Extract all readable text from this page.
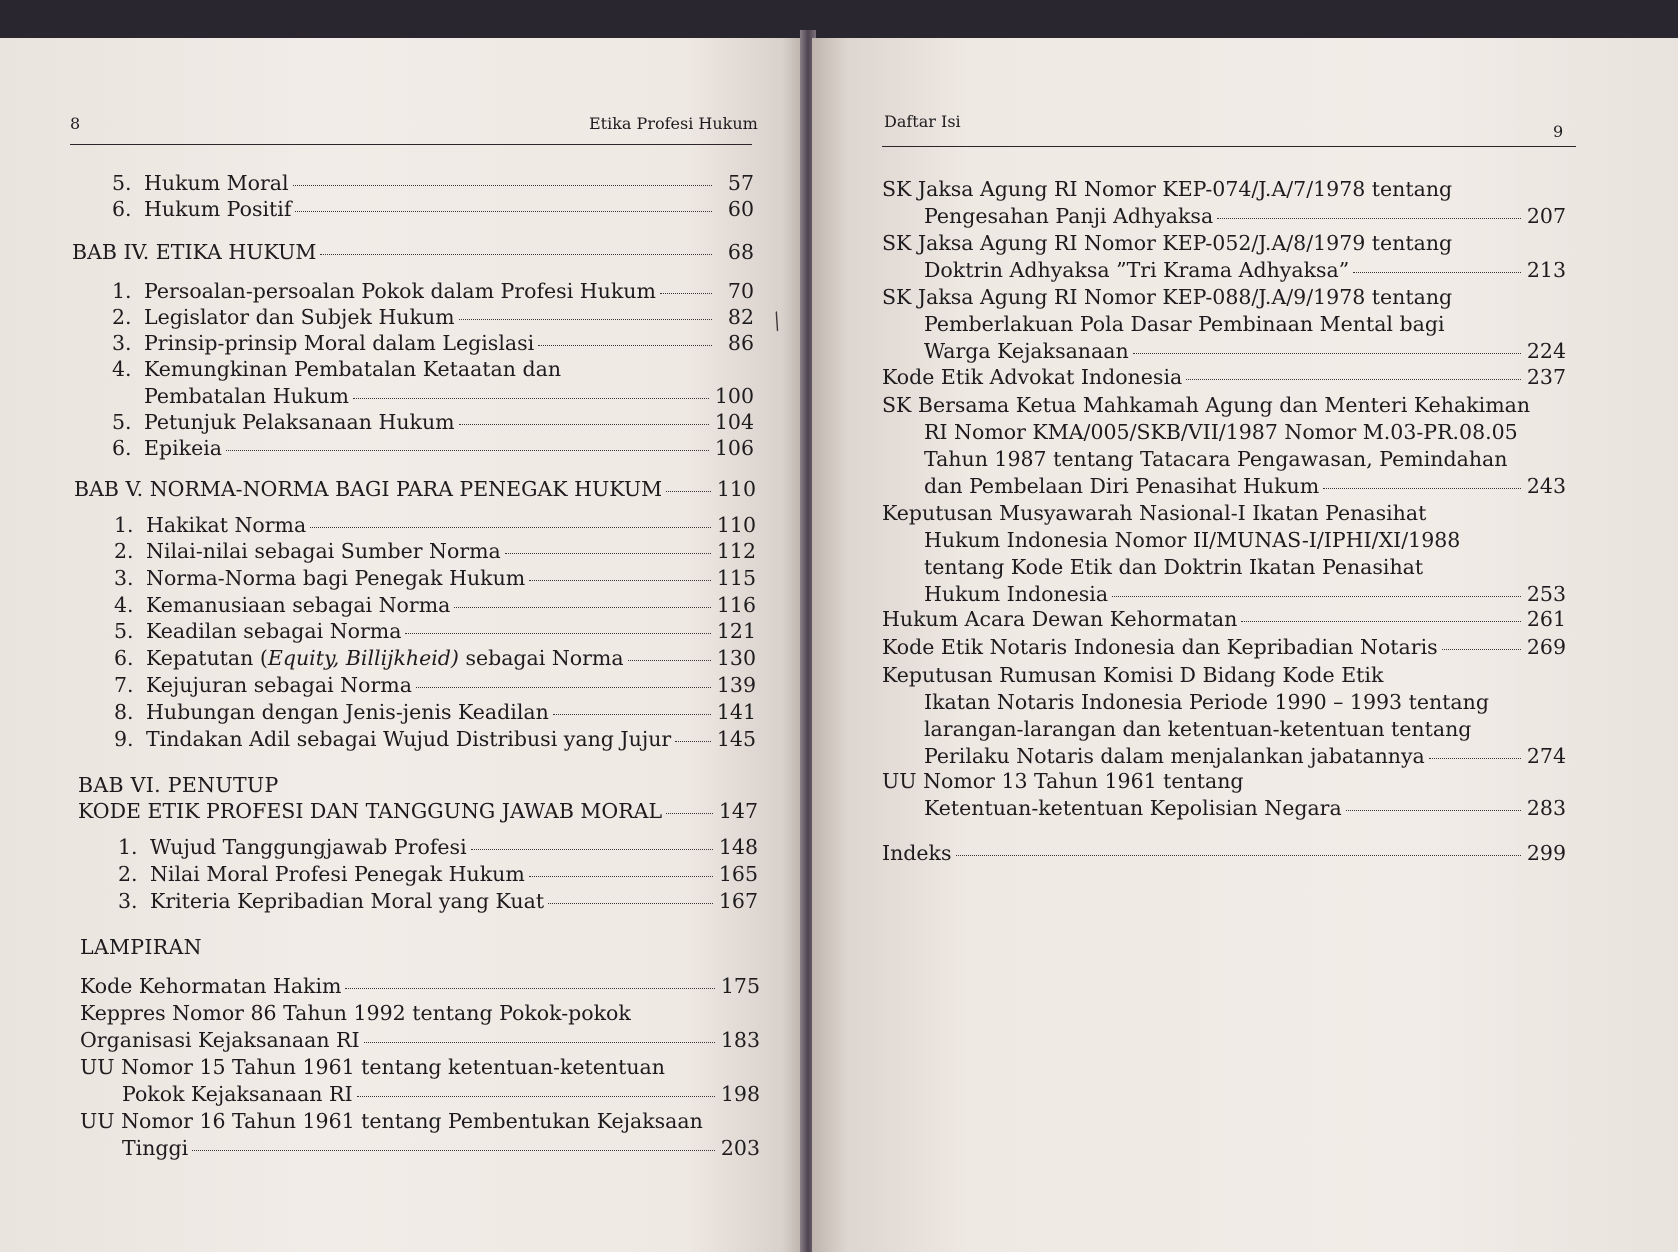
8	Etika Profesi Hukum
5. Hukum Moral	57
6. Hukum Positif	60
BAB IV. ETIKA HUKUM	68
1. Persoalan-persoalan Pokok dalam Profesi Hukum	70
2. Legislator dan Subjek Hukum	82
3. Prinsip-prinsip Moral dalam Legislasi	86
4. Kemungkinan Pembatalan Ketaatan dan
Pembatalan Hukum	100
5. Petunjuk Pelaksanaan Hukum	104
6. Epikeia	106
BAB V. NORMA-NORMA BAGI PARA PENEGAK HUKUM	110
1. Hakikat Norma	110
2. Nilai-nilai sebagai Sumber Norma	112
3. Norma-Norma bagi Penegak Hukum	115
4. Kemanusiaan sebagai Norma	116
5. Keadilan sebagai Norma	121
6. Kepatutan (Equity, Billijkheid) sebagai Norma	130
7. Kejujuran sebagai Norma	139
8. Hubungan dengan Jenis-jenis Keadilan	141
9. Tindakan Adil sebagai Wujud Distribusi yang Jujur 145
BAB VI. PENUTUP
KODE ETIK PROFESI DAN TANGGUNG JAWAB MORAL	147
1. Wujud Tanggungjawab Profesi	148
2. Nilai Moral Profesi Penegak Hukum	165
3. Kriteria Kepribadian Moral yang Kuat	167
LAMPIRAN
Kode Kehormatan Hakim	175
Keppres Nomor 86 Tahun 1992 tentang Pokok-pokok
Organisasi Kejaksanaan RI	183
UU Nomor 15 Tahun 1961 tentang ketentuan-ketentuan
Pokok Kejaksanaan RI	198
UU Nomor 16 Tahun 1961 tentang Pembentukan Kejaksaan
Tinggi	203
⁄
Daftar Isi
9
SK Jaksa Agung RI Nomor KEP-074/J.A/7/1978 tentang
Pengesahan Panji Adhyaksa	207
SK Jaksa Agung RI Nomor KEP-052/J.A/8/1979 tentang
Doktrin Adhyaksa ”Tri Krama Adhyaksa”	213
SK Jaksa Agung RI Nomor KEP-088/J.A/9/1978 tentang
Pemberlakuan Pola Dasar Pembinaan Mental bagi
Warga Kejaksanaan	224
Kode Etik Advokat Indonesia	237
SK Bersama Ketua Mahkamah Agung dan Menteri Kehakiman
RI Nomor KMA/005/SKB/VII/1987 Nomor M.03-PR.08.05
Tahun 1987 tentang Tatacara Pengawasan, Pemindahan
dan Pembelaan Diri Penasihat Hukum	243
Keputusan Musyawarah Nasional-I Ikatan Penasihat
Hukum Indonesia Nomor II/MUNAS-I/IPHI/XI/1988
tentang Kode Etik dan Doktrin Ikatan Penasihat
Hukum Indonesia	253
Hukum Acara Dewan Kehormatan	261
Kode Etik Notaris Indonesia dan Kepribadian Notaris	269
Keputusan Rumusan Komisi D Bidang Kode Etik
Ikatan Notaris Indonesia Periode 1990 – 1993 tentang
larangan-larangan dan ketentuan-ketentuan tentang
Perilaku Notaris dalam menjalankan jabatannya	274
UU Nomor 13 Tahun 1961 tentang
Ketentuan-ketentuan Kepolisian Negara	283
Indeks	299
